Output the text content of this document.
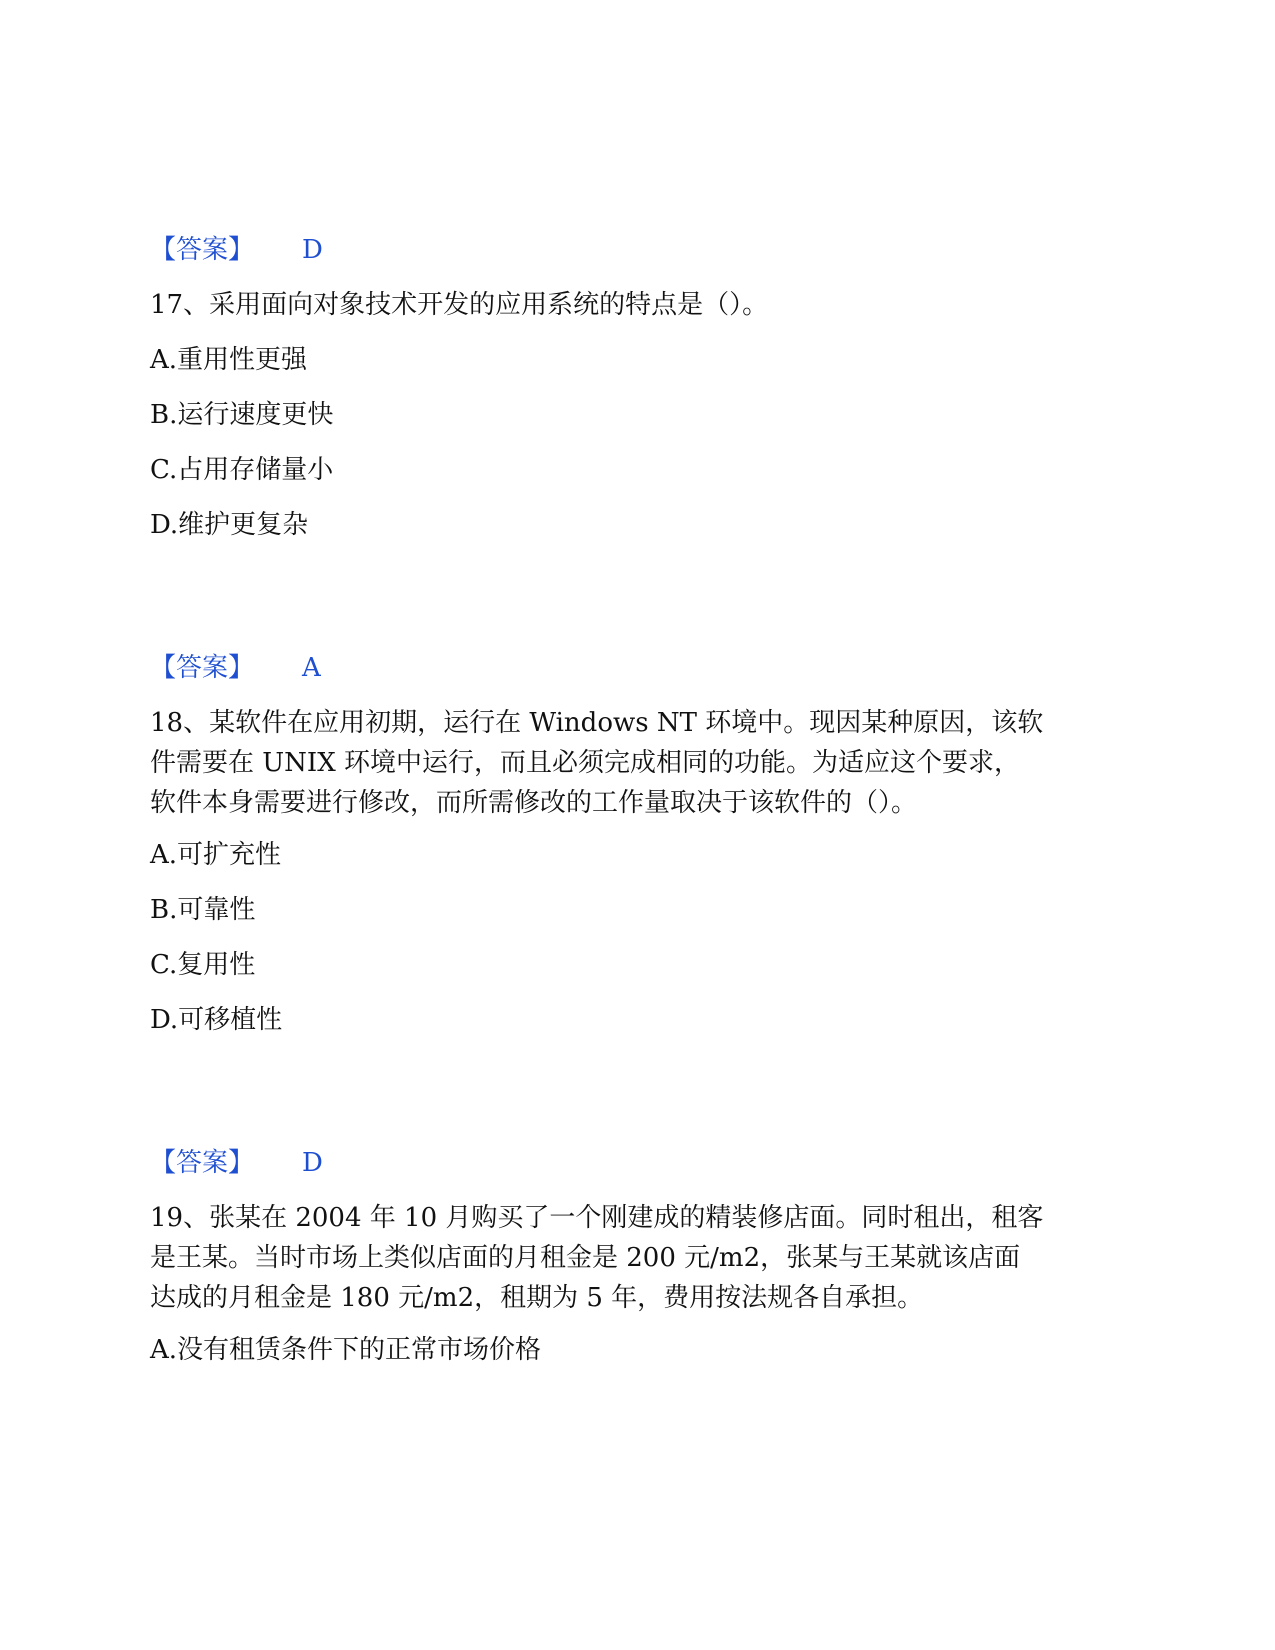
【答案】 D
17、采用面向对象技术开发的应用系统的特点是（）。
A.重用性更强
B.运行速度更快
C.占用存储量小
D.维护更复杂
【答案】 A
18、某软件在应用初期，运行在 Windows NT 环境中。现因某种原因，该软
件需要在 UNIX 环境中运行，而且必须完成相同的功能。为适应这个要求，
软件本身需要进行修改，而所需修改的工作量取决于该软件的（）。
A.可扩充性
B.可靠性
C.复用性
D.可移植性
【答案】 D
19、张某在 2004 年 10 月购买了一个刚建成的精装修店面。同时租出，租客
是王某。当时市场上类似店面的月租金是 200 元/m2，张某与王某就该店面
达成的月租金是 180 元/m2，租期为 5 年，费用按法规各自承担。
A.没有租赁条件下的正常市场价格
